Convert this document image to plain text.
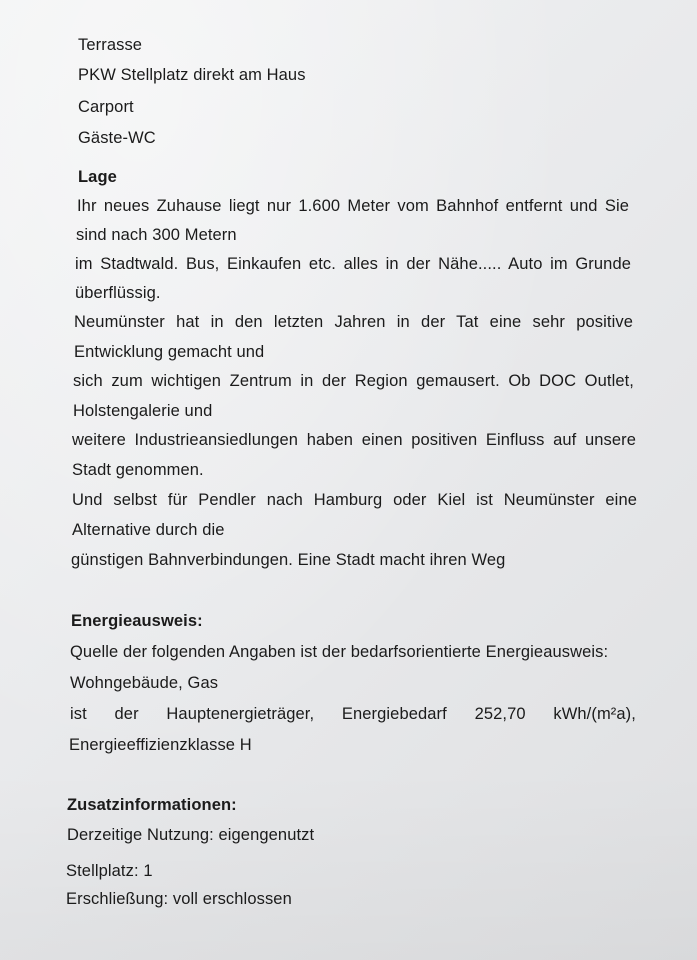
Terrasse
PKW Stellplatz direkt am Haus
Carport
Gäste-WC
Lage
Ihr neues Zuhause liegt nur 1.600 Meter vom Bahnhof entfernt und Sie
sind nach 300 Metern
im Stadtwald. Bus, Einkaufen etc. alles in der Nähe..... Auto im Grunde
überflüssig.
Neumünster hat in den letzten Jahren in der Tat eine sehr positive
Entwicklung gemacht und
sich zum wichtigen Zentrum in der Region gemausert. Ob DOC Outlet,
Holstengalerie und
weitere Industrieansiedlungen haben einen positiven Einfluss auf unsere
Stadt genommen.
Und selbst für Pendler nach Hamburg oder Kiel ist Neumünster eine
Alternative durch die
günstigen Bahnverbindungen. Eine Stadt macht ihren Weg
Energieausweis:
Quelle der folgenden Angaben ist der bedarfsorientierte Energieausweis:
Wohngebäude, Gas
ist der Hauptenergieträger, Energiebedarf 252,70 kWh/(m²a),
Energieeffizienzklasse H
Zusatzinformationen:
Derzeitige Nutzung: eigengenutzt
Stellplatz: 1
Erschließung: voll erschlossen
